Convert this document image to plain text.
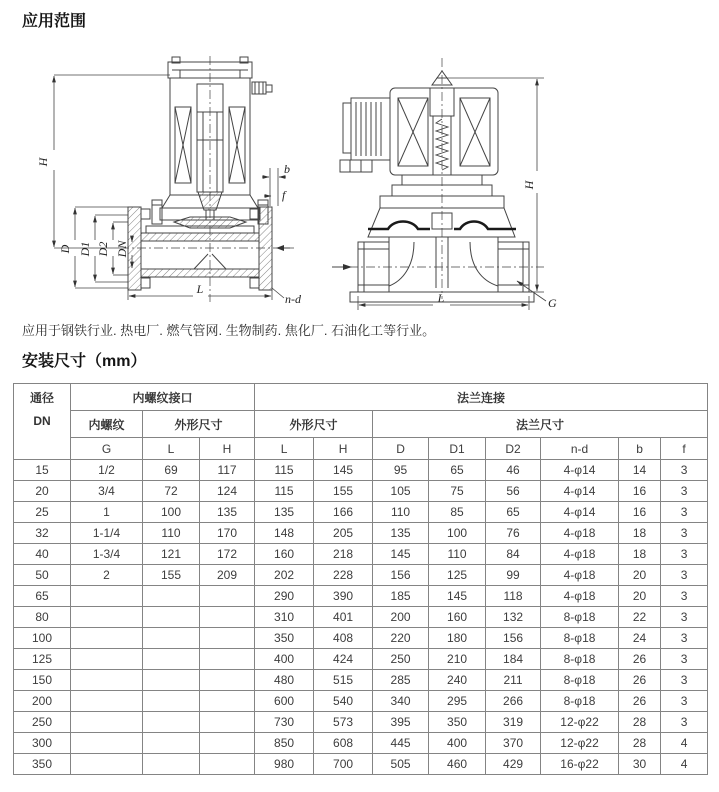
应用范围
H
D D1 D2 DN
L
b
f
n-d
H
L	G
应用于钢铁行业. 热电厂. 燃气管网. 生物制药. 焦化厂. 石油化工等行业。
安装尺寸（mm）
通径
DN	内螺纹接口			法兰连接							
	内螺纹	外形尺寸		外形尺寸		法兰尺寸					
	G	L	H	L	H	D	D1	D2	n-d	b	f
15	1/2	69	117	115	145	95	65	46	4-φ14	14	3
20	3/4	72	124	115	155	105	75	56	4-φ14	16	3
25	1	100	135	135	166	110	85	65	4-φ14	16	3
32	1-1/4	110	170	148	205	135	100	76	4-φ18	18	3
40	1-3/4	121	172	160	218	145	110	84	4-φ18	18	3
50	2	155	209	202	228	156	125	99	4-φ18	20	3
65				290	390	185	145	118	4-φ18	20	3
80				310	401	200	160	132	8-φ18	22	3
100				350	408	220	180	156	8-φ18	24	3
125				400	424	250	210	184	8-φ18	26	3
150				480	515	285	240	211	8-φ18	26	3
200				600	540	340	295	266	8-φ18	26	3
250				730	573	395	350	319	12-φ22	28	3
300				850	608	445	400	370	12-φ22	28	4
350				980	700	505	460	429	16-φ22	30	4
